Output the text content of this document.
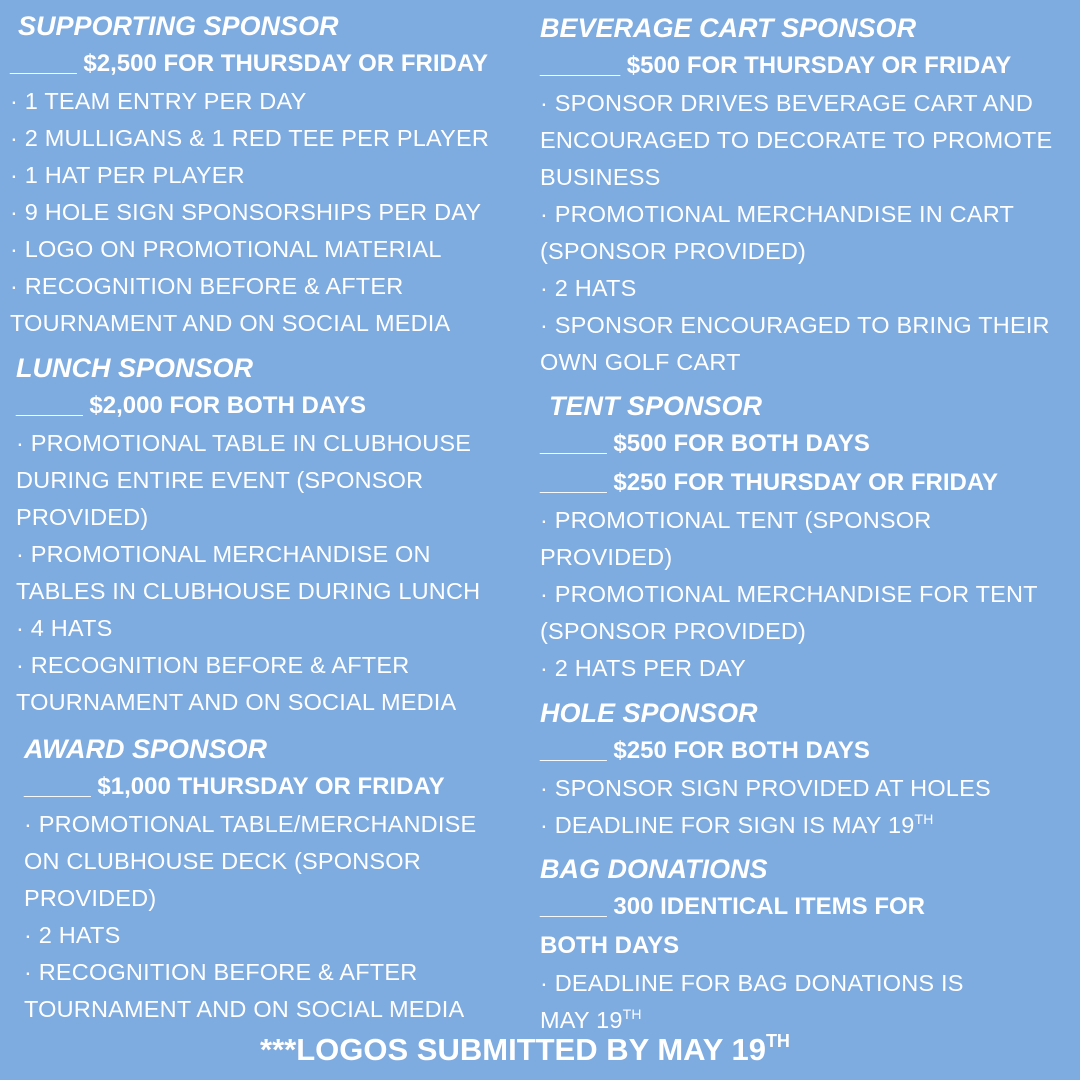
SUPPORTING SPONSOR
_____ $2,500 FOR THURSDAY OR FRIDAY
· 1 TEAM ENTRY PER DAY
· 2 MULLIGANS & 1 RED TEE PER PLAYER
· 1 HAT PER PLAYER
· 9 HOLE SIGN SPONSORSHIPS PER DAY
· LOGO ON PROMOTIONAL MATERIAL
· RECOGNITION BEFORE & AFTER TOURNAMENT AND ON SOCIAL MEDIA
LUNCH SPONSOR
_____ $2,000 FOR BOTH DAYS
· PROMOTIONAL TABLE IN CLUBHOUSE DURING ENTIRE EVENT (SPONSOR PROVIDED)
· PROMOTIONAL MERCHANDISE ON TABLES IN CLUBHOUSE DURING LUNCH
· 4 HATS
· RECOGNITION BEFORE & AFTER TOURNAMENT AND ON SOCIAL MEDIA
AWARD SPONSOR
_____ $1,000 THURSDAY OR FRIDAY
· PROMOTIONAL TABLE/MERCHANDISE ON CLUBHOUSE DECK (SPONSOR PROVIDED)
· 2 HATS
· RECOGNITION BEFORE & AFTER TOURNAMENT AND ON SOCIAL MEDIA
BEVERAGE CART SPONSOR
______ $500 FOR THURSDAY OR FRIDAY
· SPONSOR DRIVES BEVERAGE CART AND ENCOURAGED TO DECORATE TO PROMOTE BUSINESS
· PROMOTIONAL MERCHANDISE IN CART (SPONSOR PROVIDED)
· 2 HATS
· SPONSOR ENCOURAGED TO BRING THEIR OWN GOLF CART
TENT SPONSOR
_____ $500 FOR BOTH DAYS
_____ $250 FOR THURSDAY OR FRIDAY
· PROMOTIONAL TENT (SPONSOR PROVIDED)
· PROMOTIONAL MERCHANDISE FOR TENT (SPONSOR PROVIDED)
· 2 HATS PER DAY
HOLE SPONSOR
_____ $250 FOR BOTH DAYS
· SPONSOR SIGN PROVIDED AT HOLES
· DEADLINE FOR SIGN IS MAY 19TH
BAG DONATIONS
_____ 300 IDENTICAL ITEMS FOR BOTH DAYS
· DEADLINE FOR BAG DONATIONS IS MAY 19TH
***LOGOS SUBMITTED BY MAY 19TH
